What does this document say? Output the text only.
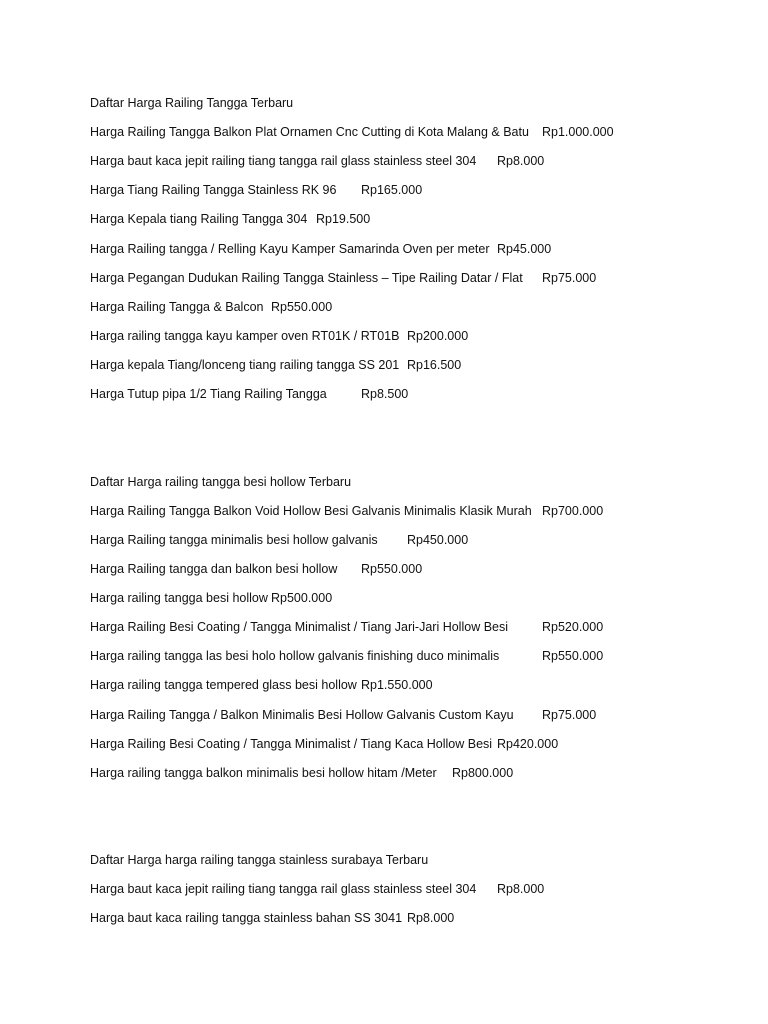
Daftar Harga Railing Tangga Terbaru
Harga Railing Tangga Balkon Plat Ornamen Cnc Cutting di Kota Malang & Batu Rp1.000.000
Harga baut kaca jepit railing tiang tangga rail glass stainless steel 304 Rp8.000
Harga Tiang Railing Tangga Stainless RK 96 Rp165.000
Harga Kepala tiang Railing Tangga 304 Rp19.500
Harga Railing tangga / Relling Kayu Kamper Samarinda Oven per meter Rp45.000
Harga Pegangan Dudukan Railing Tangga Stainless – Tipe Railing Datar / Flat Rp75.000
Harga Railing Tangga & Balcon Rp550.000
Harga railing tangga kayu kamper oven RT01K / RT01B Rp200.000
Harga kepala Tiang/lonceng tiang railing tangga SS 201 Rp16.500
Harga Tutup pipa 1/2 Tiang Railing Tangga	Rp8.500
Daftar Harga railing tangga besi hollow Terbaru
Harga Railing Tangga Balkon Void Hollow Besi Galvanis Minimalis Klasik Murah Rp700.000
Harga Railing tangga minimalis besi hollow galvanis Rp450.000
Harga Railing tangga dan balkon besi hollow Rp550.000
Harga railing tangga besi hollow Rp500.000
Harga Railing Besi Coating / Tangga Minimalist / Tiang Jari-Jari Hollow Besi	Rp520.000
Harga railing tangga las besi holo hollow galvanis finishing duco minimalis	Rp550.000
Harga railing tangga tempered glass besi hollow Rp1.550.000
Harga Railing Tangga / Balkon Minimalis Besi Hollow Galvanis Custom Kayu Rp75.000
Harga Railing Besi Coating / Tangga Minimalist / Tiang Kaca Hollow Besi Rp420.000
Harga railing tangga balkon minimalis besi hollow hitam /Meter Rp800.000
Daftar Harga harga railing tangga stainless surabaya Terbaru
Harga baut kaca jepit railing tiang tangga rail glass stainless steel 304 Rp8.000
Harga baut kaca railing tangga stainless bahan SS 3041 Rp8.000
